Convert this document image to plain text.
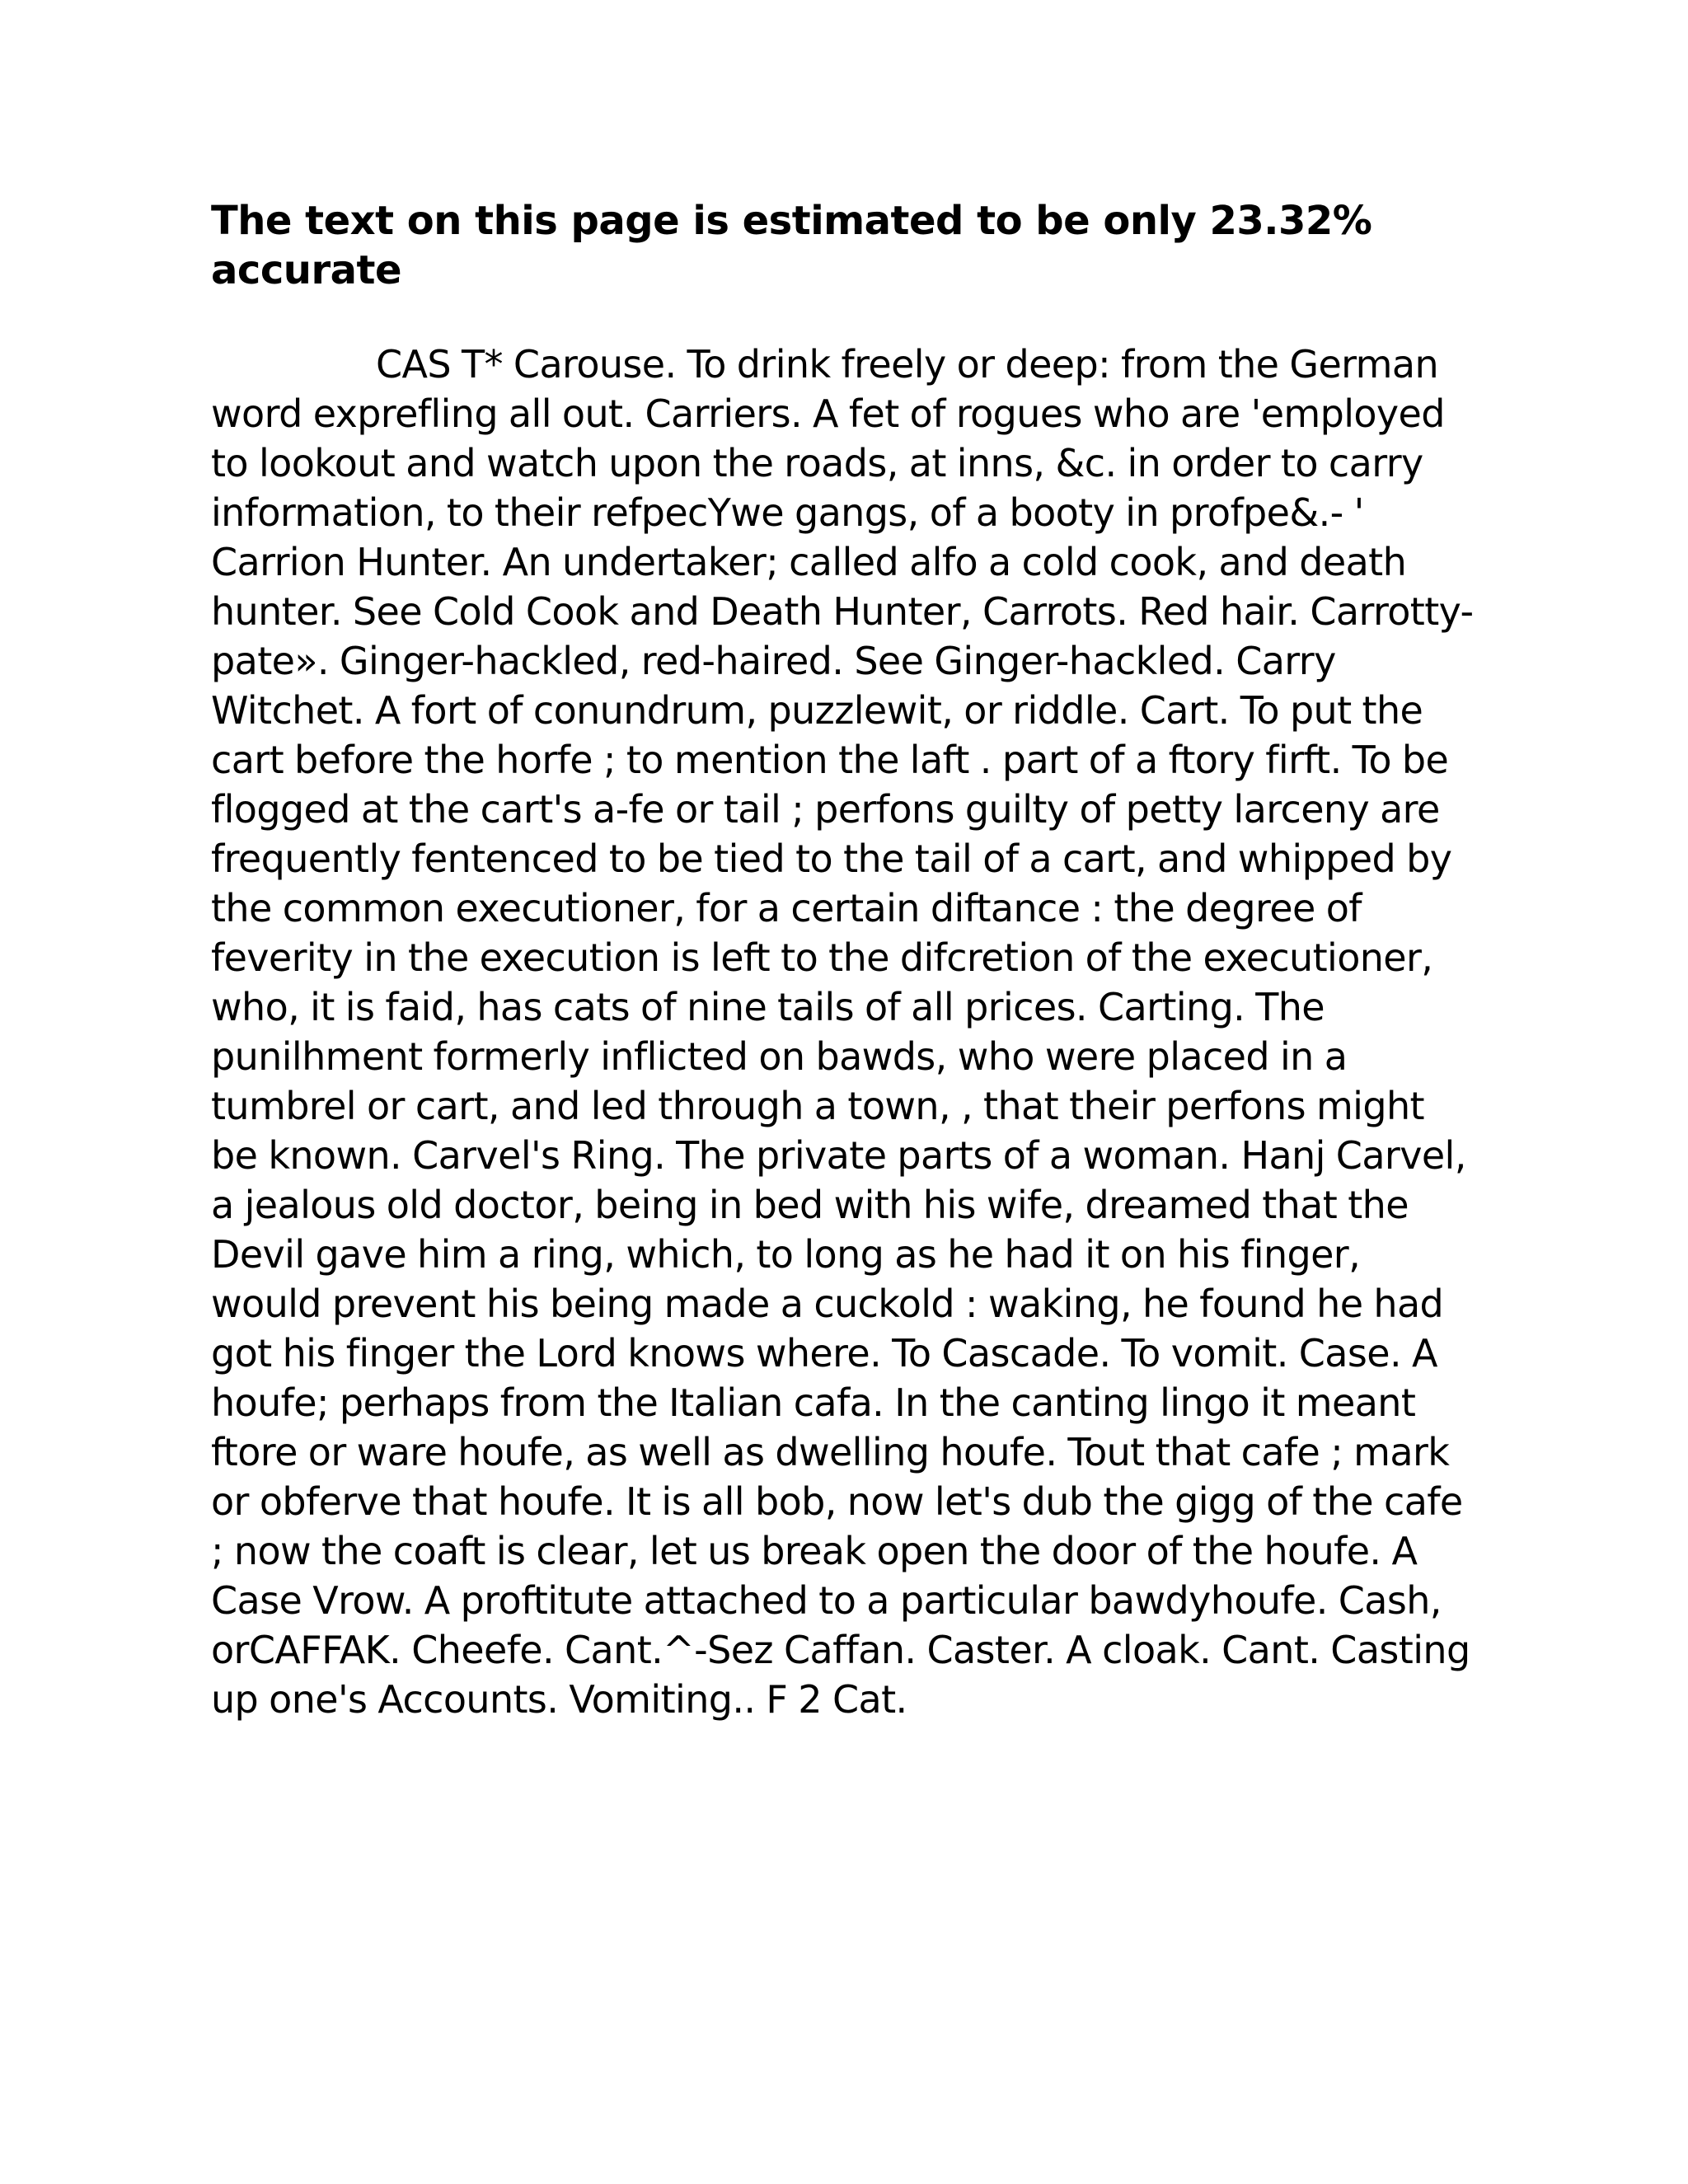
The text on this page is estimated to be only 23.32% accurate

CAS T* Carouse. To drink freely or deep: from the German word exprefling all out. Carriers. A fet of rogues who are 'employed to lookout and watch upon the roads, at inns, &c. in order to carry information, to their refpecYwe gangs, of a booty in profpe&.- ' Carrion Hunter. An undertaker; called alfo a cold cook, and death hunter. See Cold Cook and Death Hunter, Carrots. Red hair. Carrotty-pate». Ginger-hackled, red-haired. See Ginger-hackled. Carry Witchet. A fort of conundrum, puzzlewit, or riddle. Cart. To put the cart before the horfe ; to mention the laft . part of a ftory firft. To be flogged at the cart's a-fe or tail ; perfons guilty of petty larceny are frequently fentenced to be tied to the tail of a cart, and whipped by the common executioner, for a certain diftance : the degree of feverity in the execution is left to the difcretion of the executioner, who, it is faid, has cats of nine tails of all prices. Carting. The punilhment formerly inflicted on bawds, who were placed in a tumbrel or cart, and led through a town, , that their perfons might be known. Carvel's Ring. The private parts of a woman. Hanj Carvel, a jealous old doctor, being in bed with his wife, dreamed that the Devil gave him a ring, which, to long as he had it on his finger, would prevent his being made a cuckold : waking, he found he had got his finger the Lord knows where. To Cascade. To vomit. Case. A houfe; perhaps from the Italian cafa. In the canting lingo it meant ftore or ware houfe, as well as dwelling houfe. Tout that cafe ; mark or obferve that houfe. It is all bob, now let's dub the gigg of the cafe ; now the coaft is clear, let us break open the door of the houfe. A Case Vrow. A proftitute attached to a particular bawdyhoufe. Cash, orCAFFAK. Cheefe. Cant.^-Sez Caffan. Caster. A cloak. Cant. Casting up one's Accounts. Vomiting.. F 2 Cat.
